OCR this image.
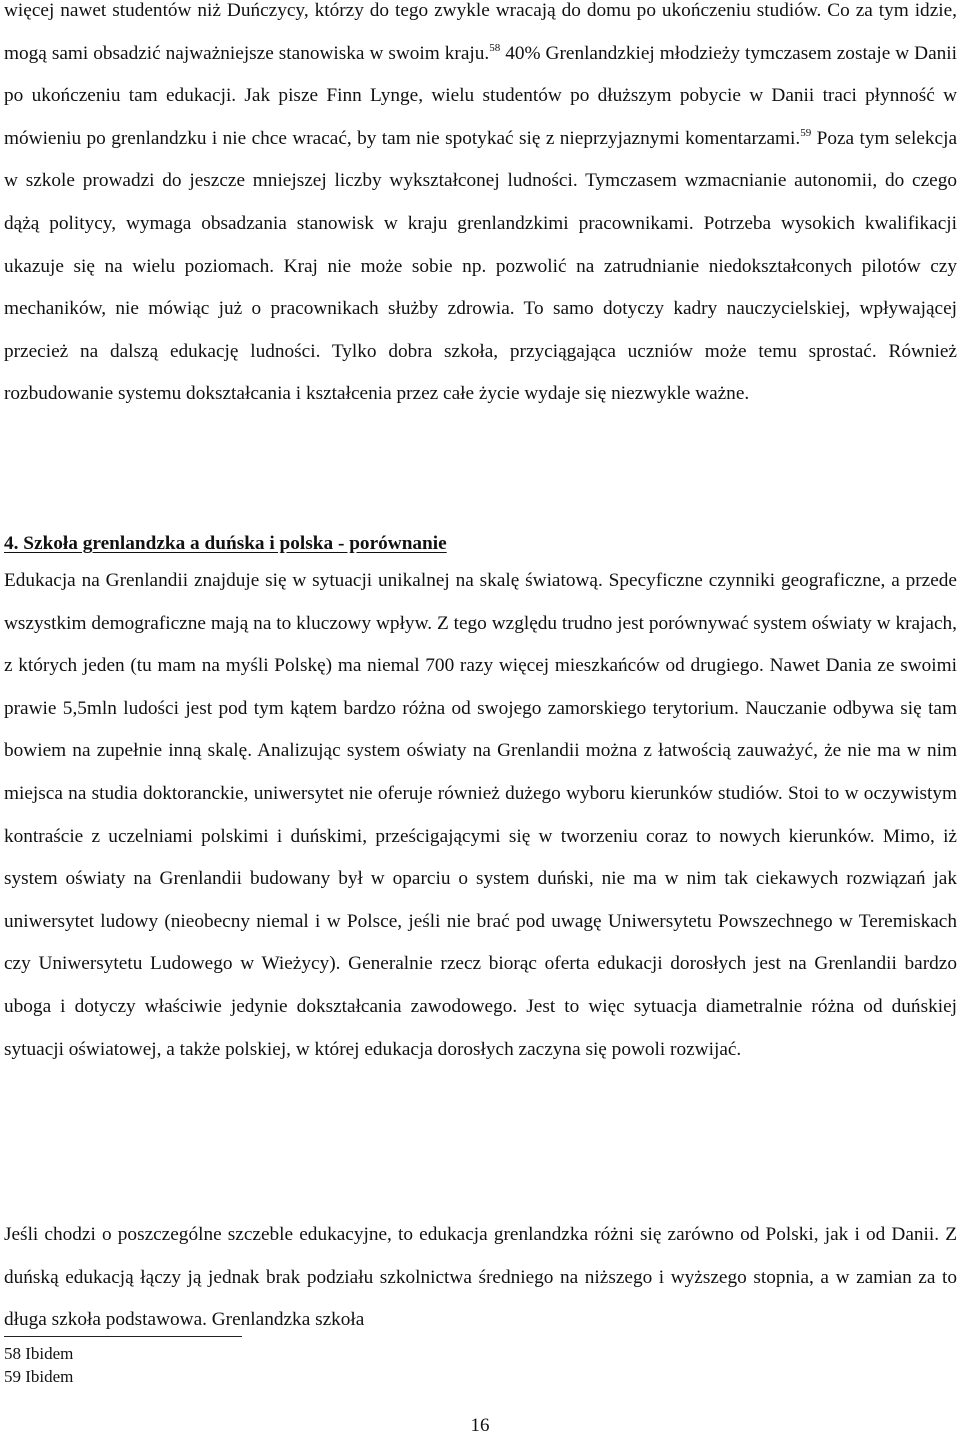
więcej nawet studentów niż Duńczycy, którzy do tego zwykle wracają do domu po ukończeniu studiów. Co za tym idzie, mogą sami obsadzić najważniejsze stanowiska w swoim kraju.$^{58}$ 40% Grenlandzkiej młodzieży tymczasem zostaje w Danii po ukończeniu tam edukacji. Jak pisze Finn Lynge, wielu studentów po dłuższym pobycie w Danii traci płynność w mówieniu po grenlandzku i nie chce wracać, by tam nie spotykać się z nieprzyjaznymi komentarzami.$^{59}$ Poza tym selekcja w szkole prowadzi do jeszcze mniejszej liczby wykształconej ludności. Tymczasem wzmacnianie autonomii, do czego dążą politycy, wymaga obsadzania stanowisk w kraju grenlandzkimi pracownikami. Potrzeba wysokich kwalifikacji ukazuje się na wielu poziomach. Kraj nie może sobie np. pozwolić na zatrudnianie niedokształconych pilotów czy mechaników, nie mówiąc już o pracownikach służby zdrowia. To samo dotyczy kadry nauczycielskiej, wpływającej przecież na dalszą edukację ludności. Tylko dobra szkoła, przyciągająca uczniów może temu sprostać. Również rozbudowanie systemu dokształcania i kształcenia przez całe życie wydaje się niezwykle ważne.
4. Szkoła grenlandzka a duńska i polska - porównanie
Edukacja na Grenlandii znajduje się w sytuacji unikalnej na skalę światową. Specyficzne czynniki geograficzne, a przede wszystkim demograficzne mają na to kluczowy wpływ. Z tego względu trudno jest porównywać system oświaty w krajach, z których jeden (tu mam na myśli Polskę) ma niemal 700 razy więcej mieszkańców od drugiego. Nawet Dania ze swoimi prawie 5,5mln ludości jest pod tym kątem bardzo różna od swojego zamorskiego terytorium. Nauczanie odbywa się tam bowiem na zupełnie inną skalę. Analizując system oświaty na Grenlandii można z łatwością zauważyć, że nie ma w nim miejsca na studia doktoranckie, uniwersytet nie oferuje również dużego wyboru kierunków studiów. Stoi to w oczywistym kontraście z uczelniami polskimi i duńskimi, prześcigającymi się w tworzeniu coraz to nowych kierunków. Mimo, iż system oświaty na Grenlandii budowany był w oparciu o system duński, nie ma w nim tak ciekawych rozwiązań jak uniwersytet ludowy (nieobecny niemal i w Polsce, jeśli nie brać pod uwagę Uniwersytetu Powszechnego w Teremiskach czy Uniwersytetu Ludowego w Wieżycy). Generalnie rzecz biorąc oferta edukacji dorosłych jest na Grenlandii bardzo uboga i dotyczy właściwie jedynie dokształcania zawodowego. Jest to więc sytuacja diametralnie różna od duńskiej sytuacji oświatowej, a także polskiej, w której edukacja dorosłych zaczyna się powoli rozwijać.
Jeśli chodzi o poszczególne szczeble edukacyjne, to edukacja grenlandzka różni się zarówno od Polski, jak i od Danii. Z duńską edukacją łączy ją jednak brak podziału szkolnictwa średniego na niższego i wyższego stopnia, a w zamian za to długa szkoła podstawowa. Grenlandzka szkoła
58 Ibidem
59 Ibidem
16
